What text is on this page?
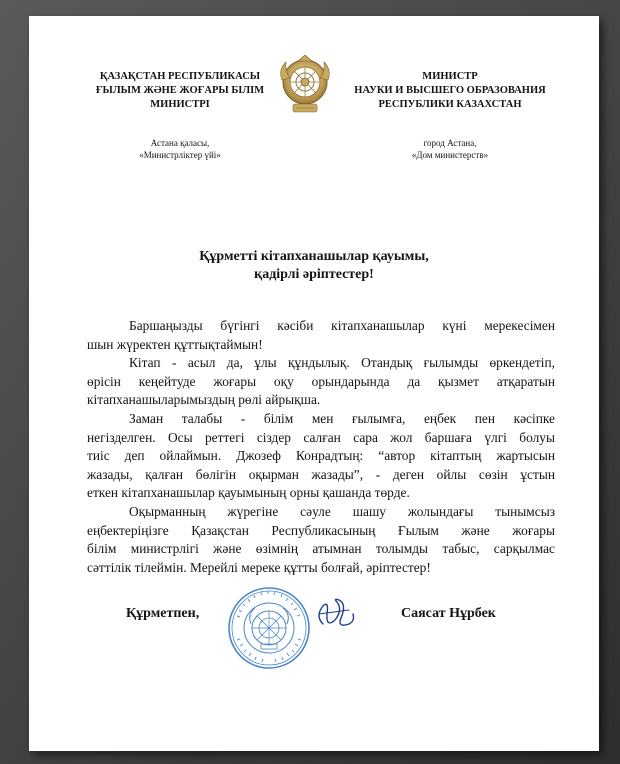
ҚАЗАҚСТАН РЕСПУБЛИКАСЫ
ҒЫЛЫМ ЖӘНЕ ЖОҒАРЫ БІЛІМ
МИНИСТРІ
МИНИСТР
НАУКИ И ВЫСШЕГО ОБРАЗОВАНИЯ
РЕСПУБЛИКИ КАЗАХСТАН
Астана қаласы,
«Министрліктер үйі»
город Астана,
«Дом министерств»
Құрметті кітапханашылар қауымы,
қадірлі әріптестер!
Баршаңызды бүгінгі кәсіби кітапханашылар күні мерекесімен
шын жүректен құттықтаймын!
Кітап - асыл да, ұлы құндылық. Отандық ғылымды өркендетіп,
өрісін кеңейтуде жоғары оқу орындарында да қызмет атқаратын
кітапханашыларымыздың рөлі айрықша.
Заман талабы - білім мен ғылымға, еңбек пен кәсіпке
негізделген. Осы реттегі сіздер салған сара жол баршаға үлгі болуы
тиіс деп ойлаймын. Джозеф Конрадтың: “автор кітаптың жартысын
жазады, қалған бөлігін оқырман жазады”, - деген ойлы сөзін ұстын
еткен кітапханашылар қауымының орны қашанда төрде.
Оқырманның жүрегіне сәуле шашу жолындағы тынымсыз
еңбектеріңізге Қазақстан Республикасының Ғылым және жоғары
білім министрлігі және өзімнің атымнан толымды табыс, сарқылмас
сәттілік тілеймін. Мерейлі мереке құтты болғай, әріптестер!
Құрметпен,	Саясат Нұрбек
